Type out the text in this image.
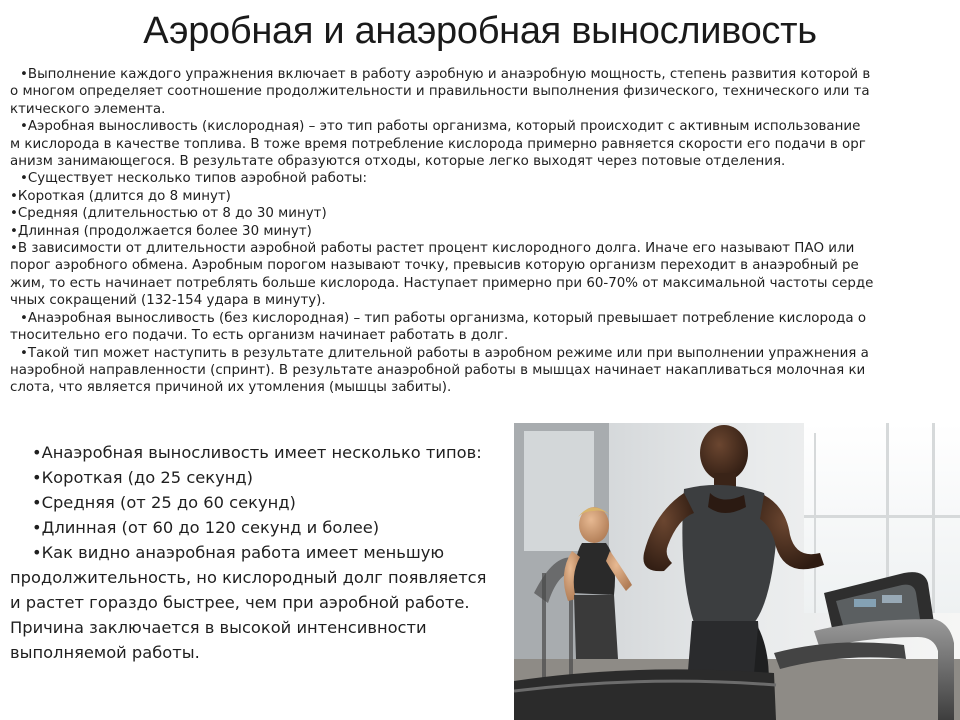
Аэробная и анаэробная выносливость

•Выполнение каждого упражнения включает в работу аэробную и анаэробную мощность, степень развития которой в

о многом определяет соотношение продолжительности и правильности выполнения физического, технического или та

ктического элемента.

•Аэробная выносливость (кислородная) – это тип работы организма, который происходит с активным использование

м кислорода в качестве топлива. В тоже время потребление кислорода примерно равняется скорости его подачи в орг

анизм занимающегося. В результате образуются отходы, которые легко выходят через потовые отделения.

•Существует несколько типов аэробной работы:

•Короткая (длится до 8 минут)

•Средняя (длительностью от 8 до 30 минут)

•Длинная (продолжается более 30 минут)

•В зависимости от длительности аэробной работы растет процент кислородного долга. Иначе его называют ПАО или

порог аэробного обмена. Аэробным порогом называют точку, превысив которую организм переходит в анаэробный ре

жим, то есть начинает потреблять больше кислорода. Наступает примерно при 60-70% от максимальной частоты серде

чных сокращений (132-154 удара в минуту).

•Анаэробная выносливость (без кислородная) – тип работы организма, который превышает потребление кислорода о

тносительно его подачи. То есть организм начинает работать в долг.

•Такой тип может наступить в результате длительной работы в аэробном режиме или при выполнении упражнения а

наэробной направленности (спринт). В результате анаэробной работы в мышцах начинает накапливаться молочная ки

слота, что является причиной их утомления (мышцы забиты).

•Анаэробная выносливость имеет несколько типов:

•Короткая (до 25 секунд)

•Средняя (от 25 до 60 секунд)

•Длинная (от 60 до 120 секунд и более)

•Как видно анаэробная работа имеет меньшую

продолжительность, но кислородный долг появляется

и растет гораздо быстрее, чем при аэробной работе.

Причина заключается в высокой интенсивности

выполняемой работы.
